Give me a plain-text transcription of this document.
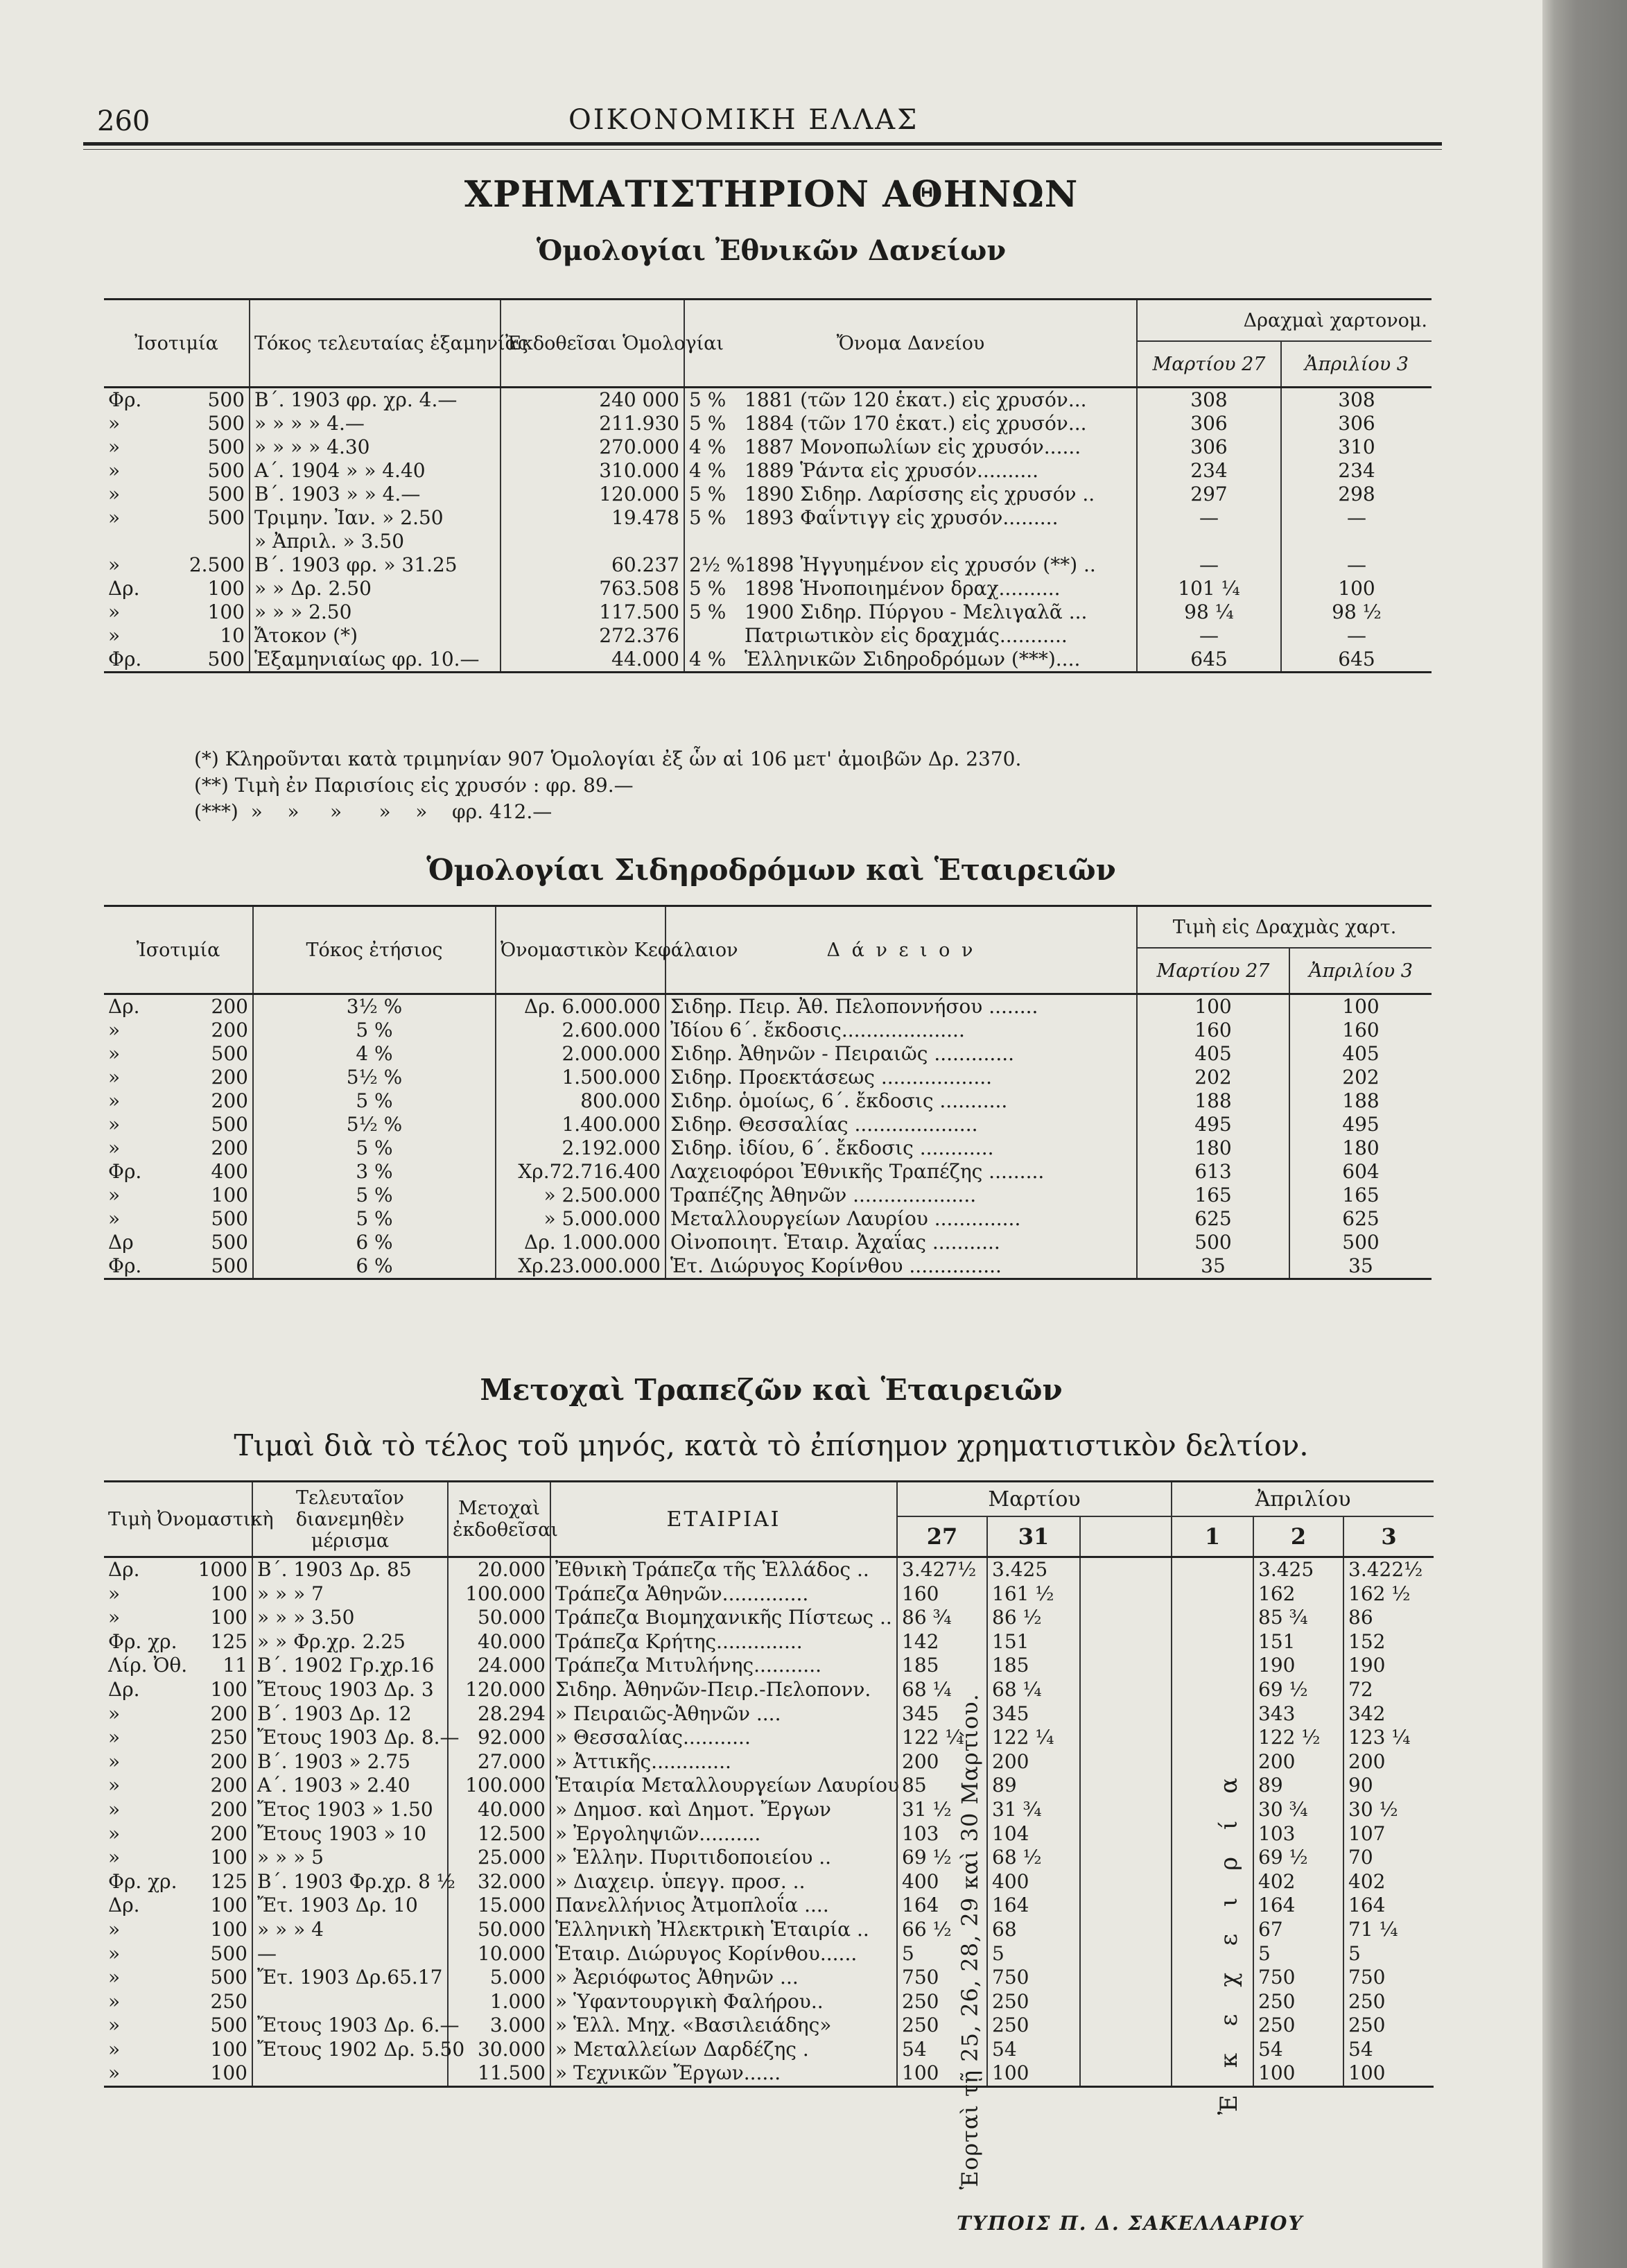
260	ΟΙΚΟΝΟΜΙΚΗ ΕΛΛΑΣ
ΧΡΗΜΑΤΙΣΤΗΡΙΟΝ ΑΘΗΝΩΝ
Ὁμολογίαι Ἐθνικῶν Δανείων
Ἰσοτιμία	Τόκος τελευταίας ἑξαμηνίας	Ἐκδοθεῖσαι Ὁμολογίαι	Ὄνομα Δανείου	Δραχμαὶ χαρτονομ.	
				Μαρτίου 27	Ἀπριλίου 3

Φρ. 500	Β΄. 1903 φρ. χρ. 4.—	240 000	5 % 1881 (τῶν 120 ἑκατ.) εἰς χρυσόν...	308	308

» 500	» » » » 4.—	211.930	5 % 1884 (τῶν 170 ἑκατ.) εἰς χρυσόν...	306	306

» 500	» » » » 4.30	270.000	4 % 1887 Μονοπωλίων εἰς χρυσόν......	306	310

» 500	Α΄. 1904 » » 4.40	310.000	4 % 1889 Ῥάντα εἰς χρυσόν..........	234	234

» 500	Β΄. 1903 » » 4.—	120.000	5 % 1890 Σιδηρ. Λαρίσσης εἰς χρυσόν ..	297	298

» 500	Τριμην. Ἰαν. » 2.50	19.478	5 % 1893 Φαΐντιγγ εἰς χρυσόν.........	—	—

	» Ἀπριλ. » 3.50				

» 2.500	Β΄. 1903 φρ. » 31.25	60.237	2½ %1898 Ἠγγυημένον εἰς χρυσόν (**) ..	—	—

Δρ. 100	» » Δρ. 2.50	763.508	5 % 1898 Ἡνοποιημένον δραχ..........	101 ¼	100

» 100	» » » 2.50	117.500	5 % 1900 Σιδηρ. Πύργου - Μελιγαλᾶ ...	98 ¼	98 ½

» 10	Ἄτοκον (*)	272.376	Πατριωτικὸν εἰς δραχμάς...........	—	—

Φρ. 500	Ἑξαμηνιαίως φρ. 10.—	44.000	4 % Ἑλληνικῶν Σιδηροδρόμων (***)....	645	645
(*) Κληροῦνται κατὰ τριμηνίαν 907 Ὁμολογίαι ἐξ ὧν αἱ 106 μετ' ἀμοιβῶν Δρ. 2370.
(**) Τιμὴ ἐν Παρισίοις εἰς χρυσόν : φρ. 89.—
(***)  »    »     »      »    »    φρ. 412.—
Ὁμολογίαι Σιδηροδρόμων καὶ Ἑταιρειῶν
Ἰσοτιμία	Τόκος ἐτήσιος	Ὀνομαστικὸν Κεφάλαιον	Δ ά ν ε ι ο ν	Τιμὴ εἰς Δραχμὰς χαρτ.	
				Μαρτίου 27	Ἀπριλίου 3

Δρ. 200	3½ %	Δρ. 6.000.000	Σιδηρ. Πειρ. Ἀθ. Πελοποννήσου ........	100	100

» 200	5 %	2.600.000	Ἰδίου 6΄. ἔκδοσις....................	160	160

» 500	4 %	2.000.000	Σιδηρ. Ἀθηνῶν - Πειραιῶς .............	405	405

» 200	5½ %	1.500.000	Σιδηρ. Προεκτάσεως ..................	202	202

» 200	5 %	800.000	Σιδηρ. ὁμοίως, 6΄. ἔκδοσις ...........	188	188

» 500	5½ %	1.400.000	Σιδηρ. Θεσσαλίας ....................	495	495

» 200	5 %	2.192.000	Σιδηρ. ἰδίου, 6΄. ἔκδοσις ............	180	180

Φρ. 400	3 %	Χρ.72.716.400	Λαχειοφόροι Ἐθνικῆς Τραπέζης .........	613	604

» 100	5 %	» 2.500.000	Τραπέζης Ἀθηνῶν ....................	165	165

» 500	5 %	» 5.000.000	Μεταλλουργείων Λαυρίου ..............	625	625

Δρ 500	6 %	Δρ. 1.000.000	Οἰνοποιητ. Ἑταιρ. Ἀχαΐας ...........	500	500

Φρ. 500	6 %	Χρ.23.000.000	Ἑτ. Διώρυγος Κορίνθου ...............	35	35
Μετοχαὶ Τραπεζῶν καὶ Ἑταιρειῶν
Τιμαὶ διὰ τὸ τέλος τοῦ μηνός, κατὰ τὸ ἐπίσημον χρηματιστικὸν δελτίον.
Τιμὴ Ὀνομαστικὴ		Τελευταῖον διανεμηθὲν μέρισμα	Μετοχαὶ ἐκδοθεῖσαι	ΕΤΑΙΡΙΑΙ	Μαρτίου			Ἀπριλίου		
					27	31		1	2	3
Δρ.	1000	Β΄. 1903 Δρ. 85	20.000	Ἐθνικὴ Τράπεζα τῆς Ἑλλάδος ..	3.427½	3.425			3.425	3.422½
»	100	» » » 7	100.000	Τράπεζα Ἀθηνῶν..............	160	161 ½			162	162 ½
»	100	» » » 3.50	50.000	Τράπεζα Βιομηχανικῆς Πίστεως ..	86 ¾	86 ½			85 ¾	86
Φρ. χρ.	125	» » Φρ.χρ. 2.25	40.000	Τράπεζα Κρήτης..............	142	151			151	152
Λίρ. Ὀθ.	11	Β΄. 1902 Γρ.χρ.16	24.000	Τράπεζα Μιτυλήνης...........	185	185			190	190
Δρ.	100	Ἔτους 1903 Δρ. 3	120.000	Σιδηρ. Ἀθηνῶν-Πειρ.-Πελοπονν.	68 ¼	68 ¼			69 ½	72
»	200	Β΄. 1903 Δρ. 12	28.294	» Πειραιῶς-Ἀθηνῶν ....	345	345			343	342
»	250	Ἔτους 1903 Δρ. 8.—	92.000	» Θεσσαλίας...........	122 ¼	122 ¼			122 ½	123 ¼
»	200	Β΄. 1903 » 2.75	27.000	» Ἀττικῆς.............	200	200			200	200
»	200	Α΄. 1903 » 2.40	100.000	Ἑταιρία Μεταλλουργείων Λαυρίου	85	89			89	90
»	200	Ἔτος 1903 » 1.50	40.000	» Δημοσ. καὶ Δημοτ. Ἔργων	31 ½	31 ¾			30 ¾	30 ½
»	200	Ἔτους 1903 » 10	12.500	» Ἐργοληψιῶν..........	103	104			103	107
»	100	» » » 5	25.000	» Ἑλλην. Πυριτιδοποιείου ..	69 ½	68 ½			69 ½	70
Φρ. χρ.	125	Β΄. 1903 Φρ.χρ. 8 ½	32.000	» Διαχειρ. ὑπεγγ. προσ. ..	400	400			402	402
Δρ.	100	Ἔτ. 1903 Δρ. 10	15.000	Πανελλήνιος Ἀτμοπλοΐα ....	164	164			164	164
»	100	» » » 4	50.000	Ἑλληνικὴ Ἠλεκτρικὴ Ἑταιρία ..	66 ½	68			67	71 ¼
»	500	—	10.000	Ἑταιρ. Διώρυγος Κορίνθου......	5	5			5	5
»	500	Ἔτ. 1903 Δρ.65.17	5.000	» Ἀεριόφωτος Ἀθηνῶν ...	750	750			750	750
»	250		1.000	» Ὑφαντουργικὴ Φαλήρου..	250	250			250	250
»	500	Ἔτους 1903 Δρ. 6.—	3.000	» Ἑλλ. Μηχ. «Βασιλειάδης»	250	250			250	250
»	100	Ἔτους 1902 Δρ. 5.50	30.000	» Μεταλλείων Δαρδέζης .	54	54			54	54
»	100		11.500	» Τεχνικῶν Ἔργων......	100	100			100	100
Ἑορταὶ τῇ 25, 26, 28, 29 καὶ 30 Μαρτίου.	Ἐ κ ε χ ε ι ρ ί α
ΤΥΠΟΙΣ Π. Δ. ΣΑΚΕΛΛΑΡΙΟΥ
